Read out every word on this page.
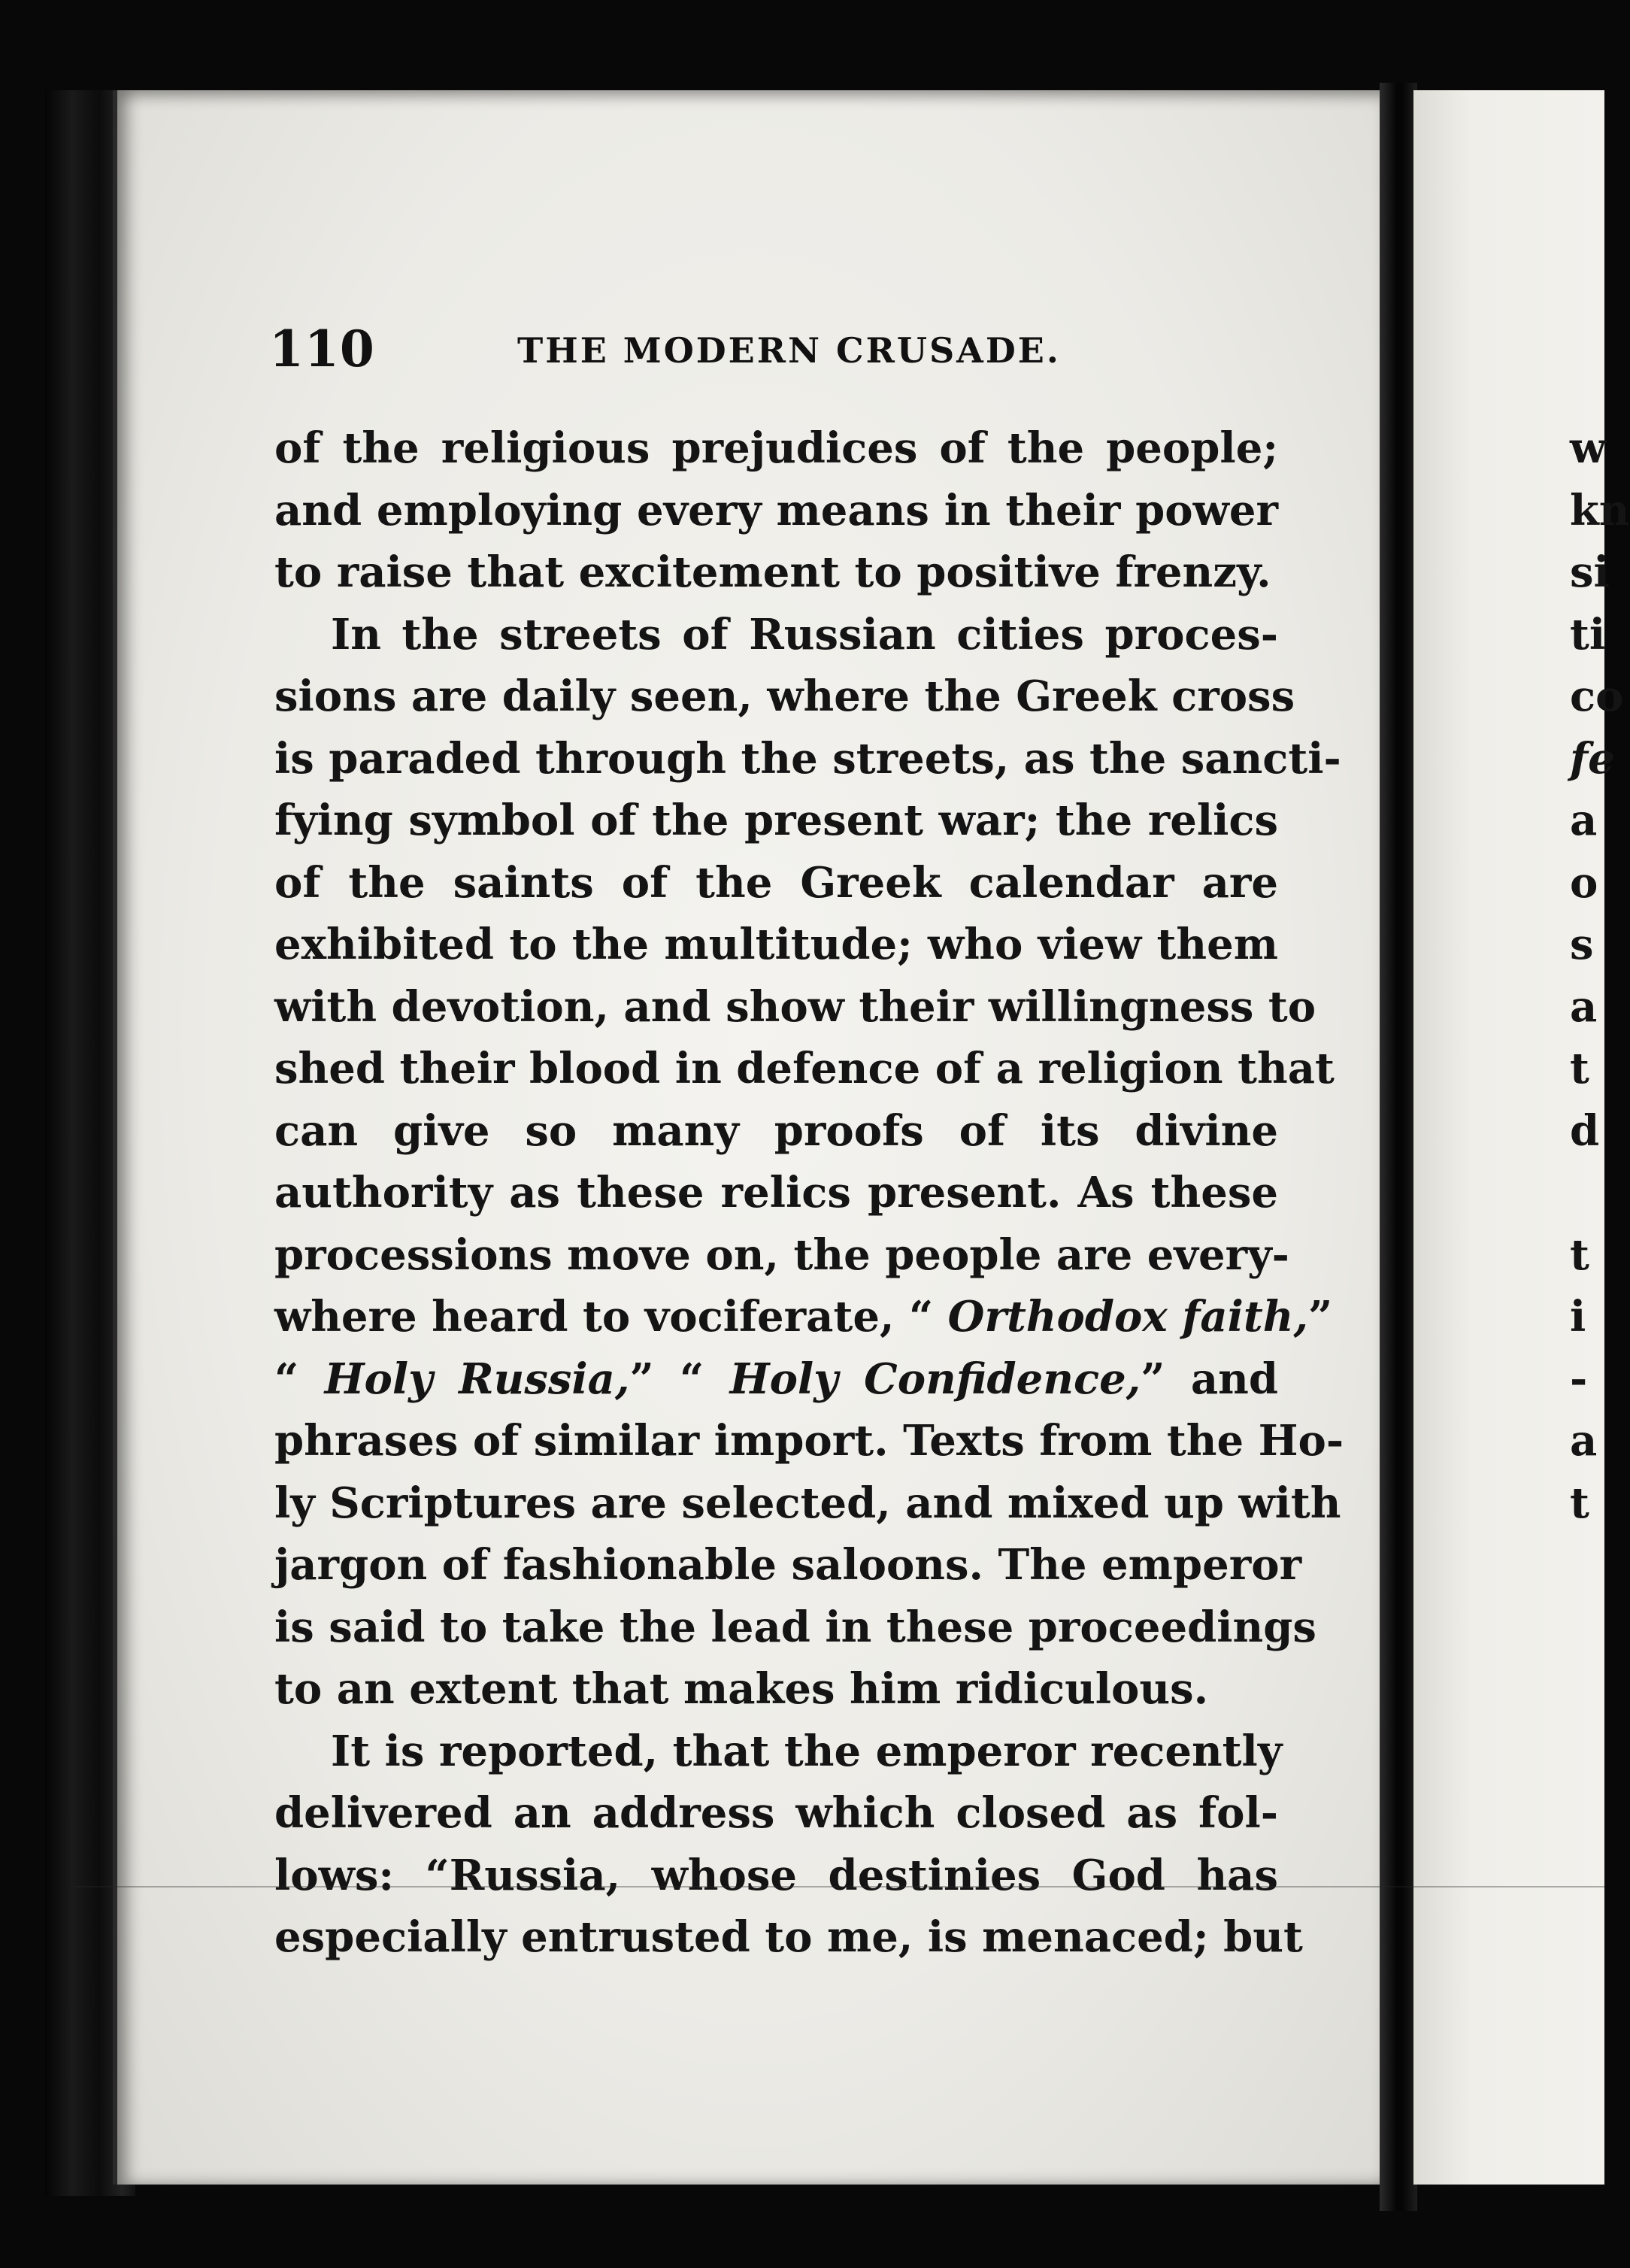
110	THE MODERN CRUSADE.
of the religious prejudices of the people;
and employing every means in their power
to raise that excitement to positive frenzy.
In the streets of Russian cities proces-
sions are daily seen, where the Greek cross
is paraded through the streets, as the sancti-
fying symbol of the present war; the relics
of the saints of the Greek calendar are
exhibited to the multitude; who view them
with devotion, and show their willingness to
shed their blood in defence of a religion that
can give so many proofs of its divine
authority as these relics present. As these
processions move on, the people are every-
where heard to vociferate, “ Orthodox faith,”
“ Holy Russia,” “ Holy Confidence,” and
phrases of similar import. Texts from the Ho-
ly Scriptures are selected, and mixed up with
jargon of fashionable saloons. The emperor
is said to take the lead in these proceedings
to an extent that makes him ridiculous.
It is reported, that the emperor recently
delivered an address which closed as fol-
lows: “Russia, whose destinies God has
especially entrusted to me, is menaced; but
w
kn
si
ti
co
fe
a
o
s
a
t
d
t
i
-
a
t
